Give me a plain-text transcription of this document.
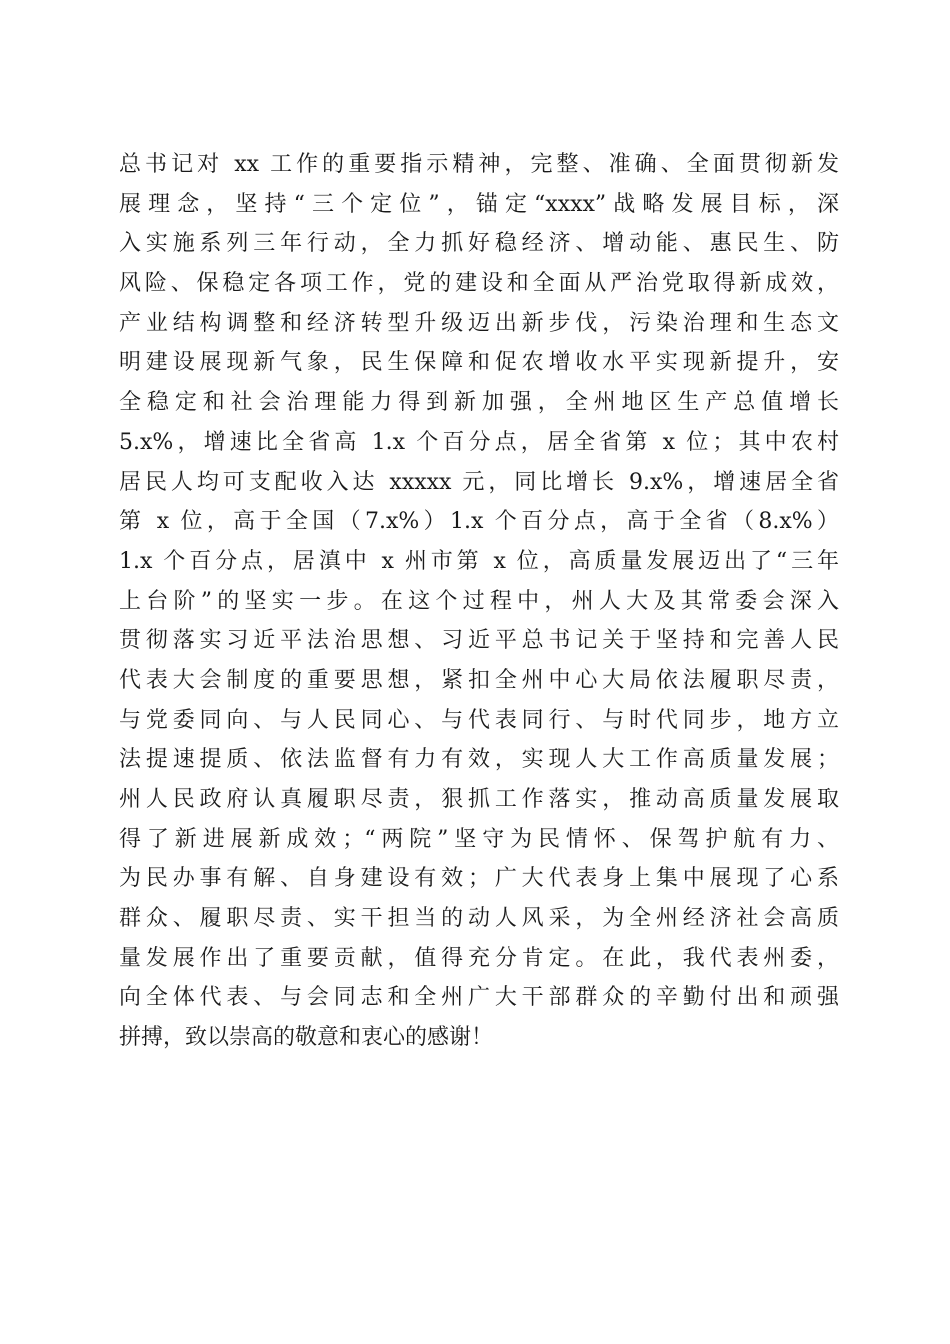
总书记对 xx 工作的重要指示精神，完整、准确、全面贯彻新发
展理念，坚持“三个定位”，锚定“xxxx”战略发展目标，深
入实施系列三年行动，全力抓好稳经济、增动能、惠民生、防
风险、保稳定各项工作，党的建设和全面从严治党取得新成效，
产业结构调整和经济转型升级迈出新步伐，污染治理和生态文
明建设展现新气象，民生保障和促农增收水平实现新提升，安
全稳定和社会治理能力得到新加强，全州地区生产总值增长
5.x%，增速比全省高 1.x 个百分点，居全省第 x 位；其中农村
居民人均可支配收入达 xxxxx 元，同比增长 9.x%，增速居全省
第 x 位，高于全国（7.x%）1.x 个百分点，高于全省（8.x%）
1.x 个百分点，居滇中 x 州市第 x 位，高质量发展迈出了“三年
上台阶”的坚实一步。在这个过程中，州人大及其常委会深入
贯彻落实习近平法治思想、习近平总书记关于坚持和完善人民
代表大会制度的重要思想，紧扣全州中心大局依法履职尽责，
与党委同向、与人民同心、与代表同行、与时代同步，地方立
法提速提质、依法监督有力有效，实现人大工作高质量发展；
州人民政府认真履职尽责，狠抓工作落实，推动高质量发展取
得了新进展新成效；“两院”坚守为民情怀、保驾护航有力、
为民办事有解、自身建设有效；广大代表身上集中展现了心系
群众、履职尽责、实干担当的动人风采，为全州经济社会高质
量发展作出了重要贡献，值得充分肯定。在此，我代表州委，
向全体代表、与会同志和全州广大干部群众的辛勤付出和顽强
拼搏，致以崇高的敬意和衷心的感谢！
